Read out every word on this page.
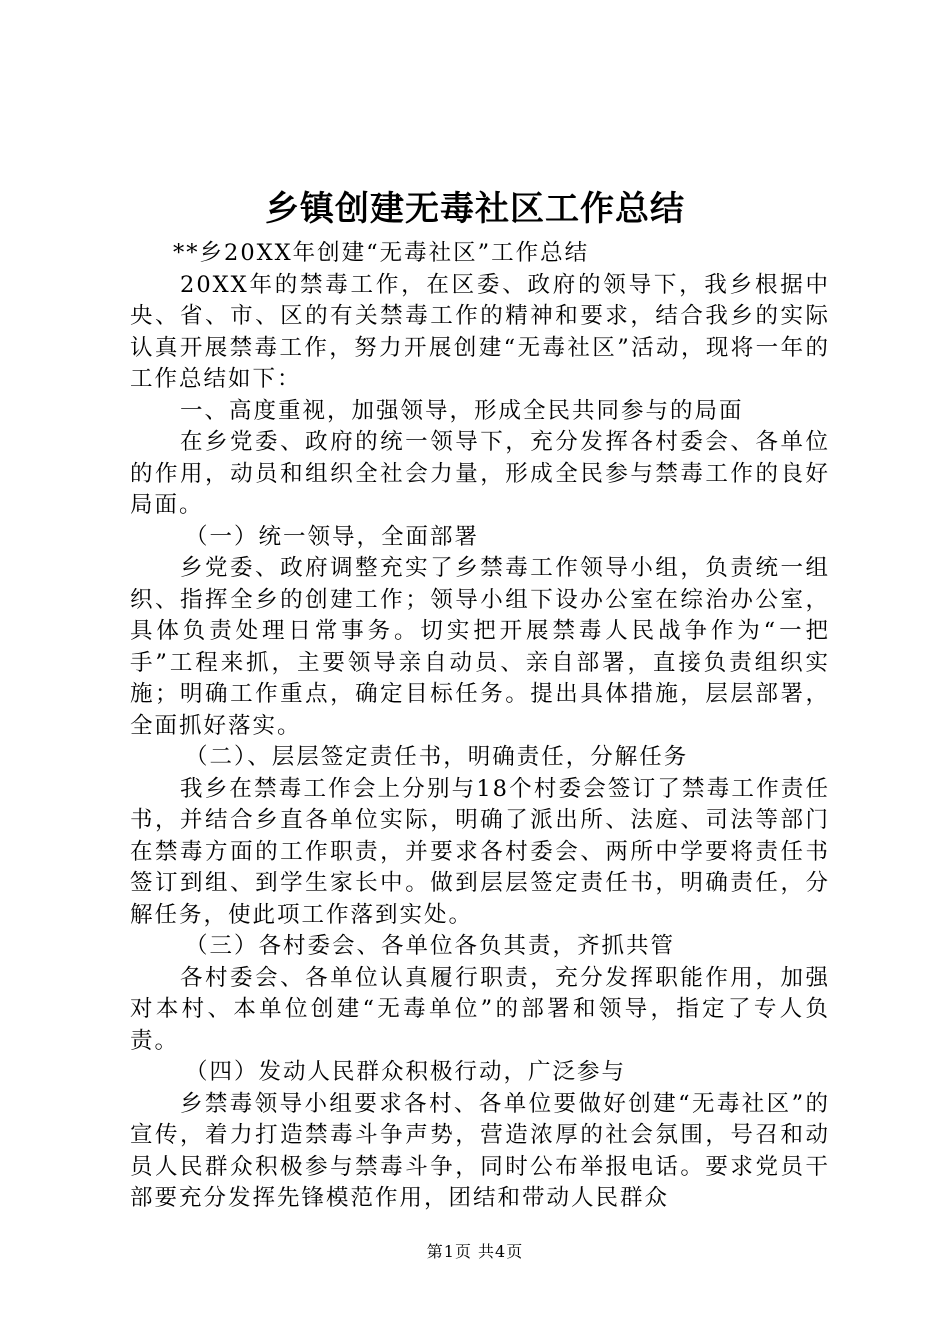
乡镇创建无毒社区工作总结

**乡20XX年创建“无毒社区”工作总结

20XX年的禁毒工作，在区委、政府的领导下，我乡根据中央、省、市、区的有关禁毒工作的精神和要求，结合我乡的实际认真开展禁毒工作，努力开展创建“无毒社区”活动，现将一年的工作总结如下：

一、高度重视，加强领导，形成全民共同参与的局面

在乡党委、政府的统一领导下，充分发挥各村委会、各单位的作用，动员和组织全社会力量，形成全民参与禁毒工作的良好局面。

（一）统一领导，全面部署

乡党委、政府调整充实了乡禁毒工作领导小组，负责统一组织、指挥全乡的创建工作；领导小组下设办公室在综治办公室，具体负责处理日常事务。切实把开展禁毒人民战争作为“一把手”工程来抓，主要领导亲自动员、亲自部署，直接负责组织实施；明确工作重点，确定目标任务。提出具体措施，层层部署，全面抓好落实。

（二）、层层签定责任书，明确责任，分解任务

我乡在禁毒工作会上分别与18个村委会签订了禁毒工作责任书，并结合乡直各单位实际，明确了派出所、法庭、司法等部门在禁毒方面的工作职责，并要求各村委会、两所中学要将责任书签订到组、到学生家长中。做到层层签定责任书，明确责任，分解任务，使此项工作落到实处。

（三）各村委会、各单位各负其责，齐抓共管

各村委会、各单位认真履行职责，充分发挥职能作用，加强对本村、本单位创建“无毒单位”的部署和领导，指定了专人负责。

（四）发动人民群众积极行动，广泛参与

乡禁毒领导小组要求各村、各单位要做好创建“无毒社区”的宣传，着力打造禁毒斗争声势，营造浓厚的社会氛围，号召和动员人民群众积极参与禁毒斗争，同时公布举报电话。要求党员干部要充分发挥先锋模范作用，团结和带动人民群众

第1页 共4页
